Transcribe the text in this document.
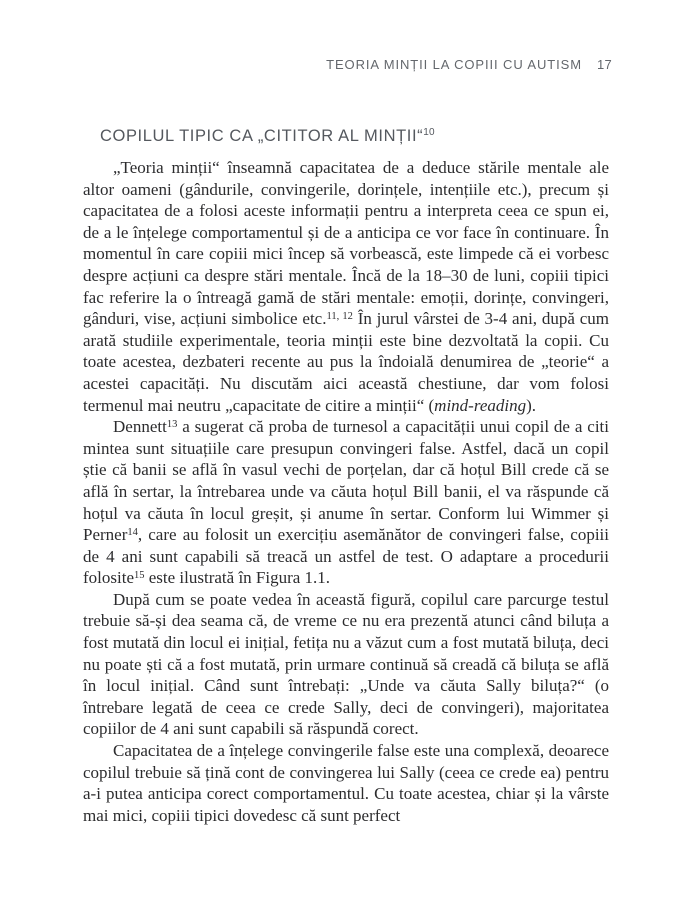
TEORIA MINȚII LA COPIII CU AUTISM 17
COPILUL TIPIC CA „CITITOR AL MINȚII“$^{10}$

„Teoria minții“ înseamnă capacitatea de a deduce stările mentale ale altor oameni (gândurile, convingerile, dorințele, intențiile etc.), precum și capacitatea de a folosi aceste informații pentru a interpreta ceea ce spun ei, de a le înțelege comportamentul și de a anticipa ce vor face în continuare. În momentul în care copiii mici încep să vorbească, este limpede că ei vorbesc despre acțiuni ca despre stări mentale. Încă de la 18–30 de luni, copiii tipici fac referire la o întreagă gamă de stări mentale: emoții, dorințe, convingeri, gânduri, vise, acțiuni simbolice etc.$^{11, 12}$ În jurul vârstei de 3-4 ani, după cum arată studiile experimentale, teoria minții este bine dezvoltată la copii. Cu toate acestea, dezbateri recente au pus la îndoială denumirea de „teorie“ a acestei capacități. Nu discutăm aici această chestiune, dar vom folosi termenul mai neutru „capacitate de citire a minții“ (mind-reading).

Dennett$^{13}$ a sugerat că proba de turnesol a capacității unui copil de a citi mintea sunt situațiile care presupun convingeri false. Astfel, dacă un copil știe că banii se află în vasul vechi de porțelan, dar că hoțul Bill crede că se află în sertar, la întrebarea unde va căuta hoțul Bill banii, el va răspunde că hoțul va căuta în locul greșit, și anume în sertar. Conform lui Wimmer și Perner$^{14}$, care au folosit un exercițiu asemănător de convingeri false, copiii de 4 ani sunt capabili să treacă un astfel de test. O adaptare a procedurii folosite$^{15}$ este ilustrată în Figura 1.1.

După cum se poate vedea în această figură, copilul care parcurge testul trebuie să-și dea seama că, de vreme ce nu era prezentă atunci când biluța a fost mutată din locul ei inițial, fetița nu a văzut cum a fost mutată biluța, deci nu poate ști că a fost mutată, prin urmare continuă să creadă că biluța se află în locul inițial. Când sunt întrebați: „Unde va căuta Sally biluța?“ (o întrebare legată de ceea ce crede Sally, deci de convingeri), majoritatea copiilor de 4 ani sunt capabili să răspundă corect.

Capacitatea de a înțelege convingerile false este una complexă, deoarece copilul trebuie să țină cont de convingerea lui Sally (ceea ce crede ea) pentru a-i putea anticipa corect comportamentul. Cu toate acestea, chiar și la vârste mai mici, copiii tipici dovedesc că sunt perfect
